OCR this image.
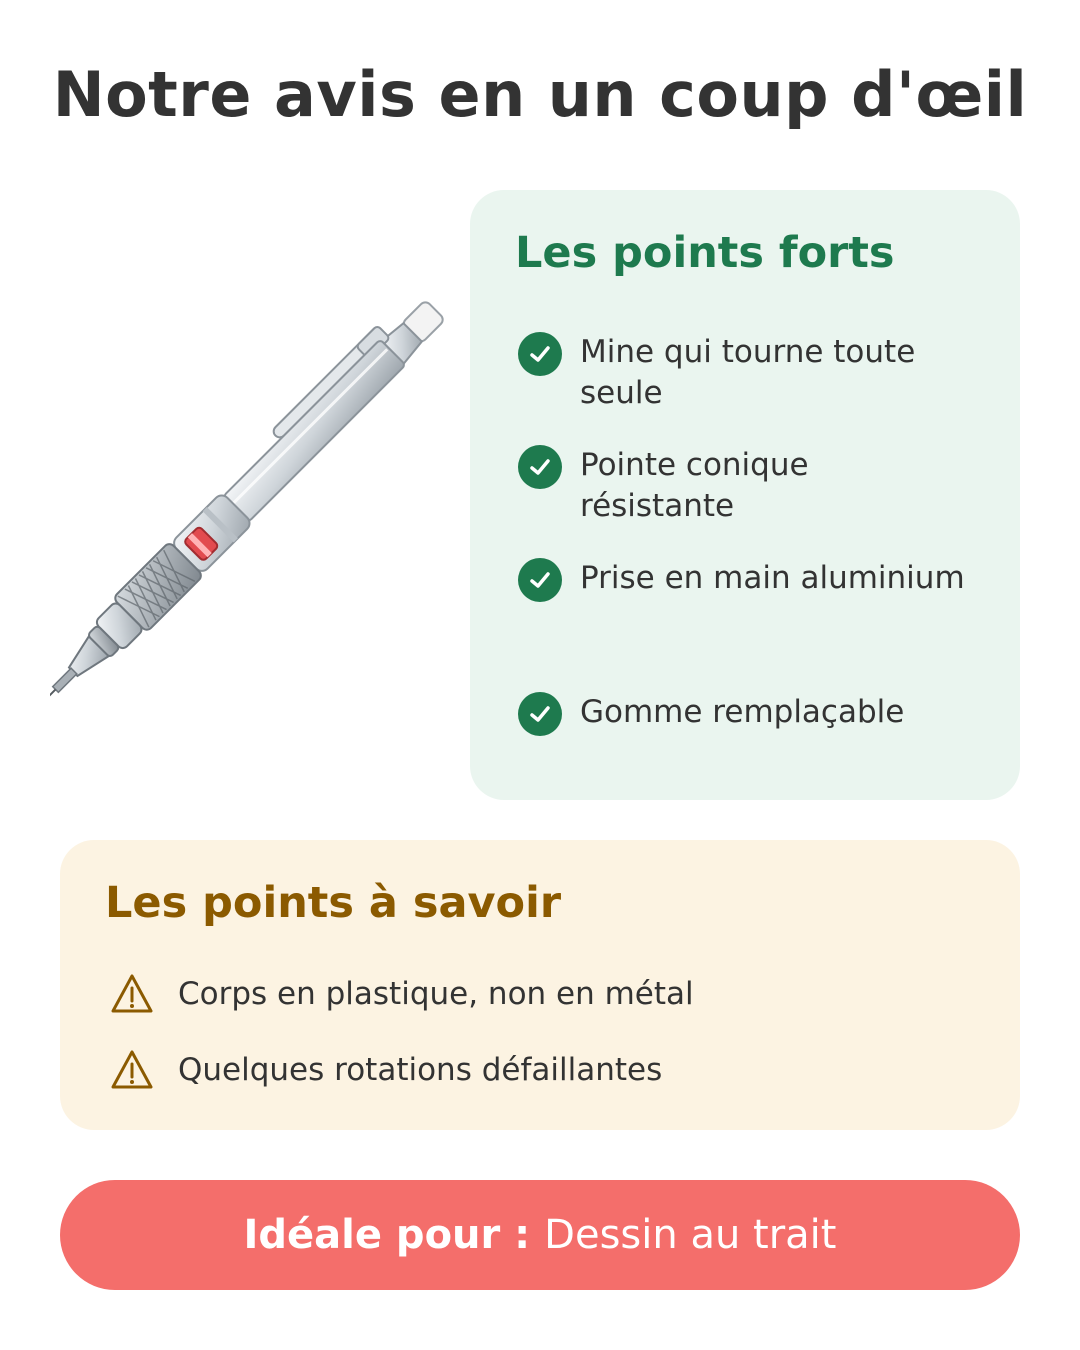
Notre avis en un coup d'œil
Les points forts
Mine qui tourne toute seule
Pointe conique résistante
Prise en main aluminium
Gomme remplaçable
Les points à savoir
Corps en plastique, non en métal
Quelques rotations défaillantes
Idéale pour : Dessin au trait
